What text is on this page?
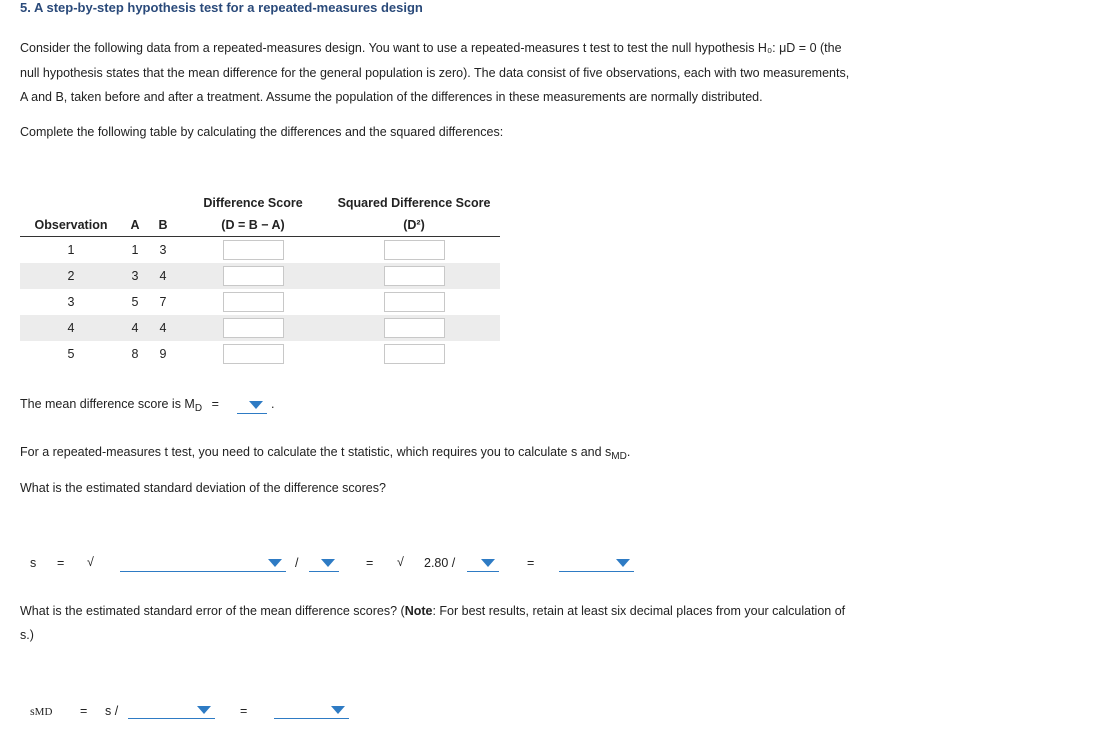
5. A step-by-step hypothesis test for a repeated-measures design
Consider the following data from a repeated-measures design. You want to use a repeated-measures t test to test the null hypothesis H₀: μD = 0 (the
null hypothesis states that the mean difference for the general population is zero). The data consist of five observations, each with two measurements,
A and B, taken before and after a treatment. Assume the population of the differences in these measurements are normally distributed.
Complete the following table by calculating the differences and the squared differences:
			Difference Score	Squared Difference Score
Observation	A	B	(D = B − A)	(D²)
1	1	3		
2	3	4		
3	5	7		
4	4	4		
5	8	9		
The mean difference score is $M_D$ =	.
For a repeated-measures t test, you need to calculate the t statistic, which requires you to calculate s and $s_{MD}$.
What is the estimated standard deviation of the difference scores?
s = √	/	= √ 2.80 /	=
What is the estimated standard error of the mean difference scores? (Note: For best results, retain at least six decimal places from your calculation of
s.)
sMD = s /	=
